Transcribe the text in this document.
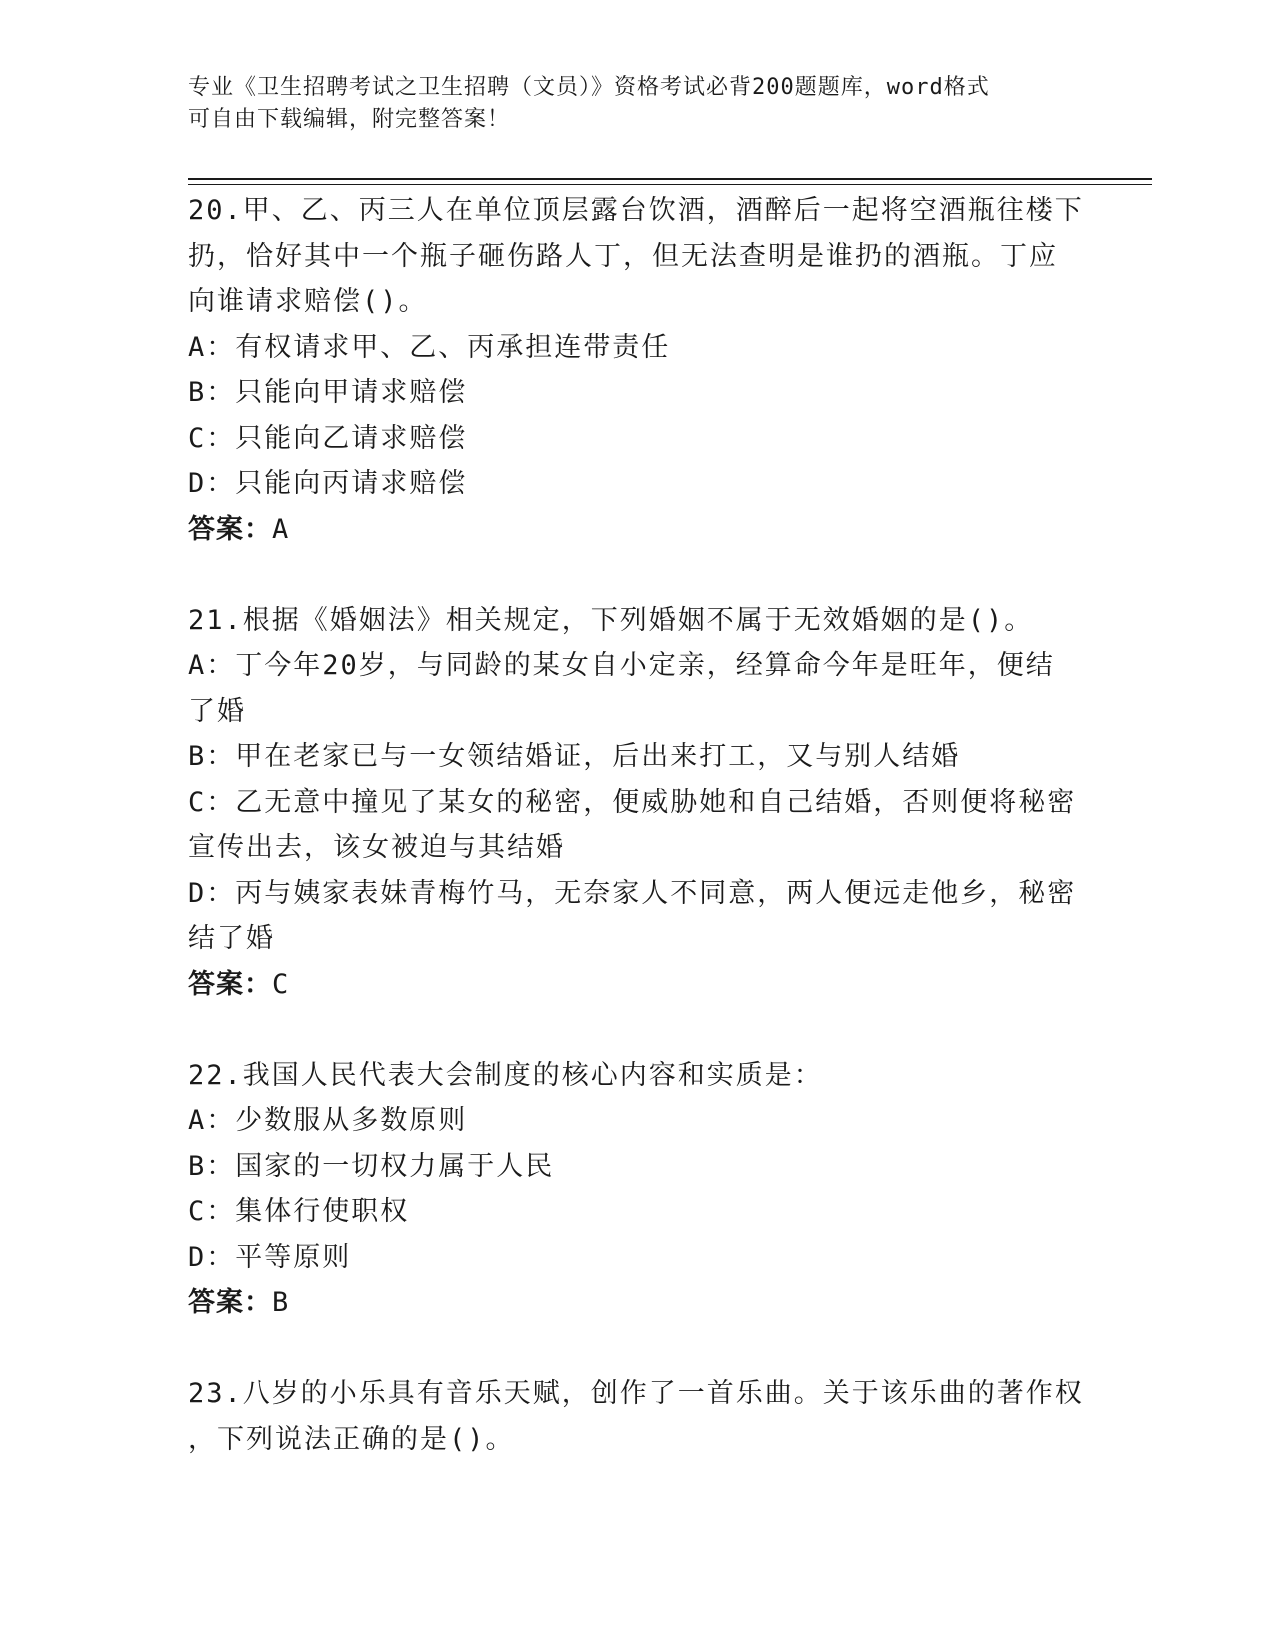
专业《卫生招聘考试之卫生招聘（文员）》资格考试必背200题题库，word格式
可自由下载编辑，附完整答案！
20.甲、乙、丙三人在单位顶层露台饮酒，酒醉后一起将空酒瓶往楼下
扔，恰好其中一个瓶子砸伤路人丁，但无法查明是谁扔的酒瓶。丁应
向谁请求赔偿()。
A：有权请求甲、乙、丙承担连带责任
B：只能向甲请求赔偿
C：只能向乙请求赔偿
D：只能向丙请求赔偿
答案：A
21.根据《婚姻法》相关规定，下列婚姻不属于无效婚姻的是()。
A：丁今年20岁，与同龄的某女自小定亲，经算命今年是旺年，便结
了婚
B：甲在老家已与一女领结婚证，后出来打工，又与别人结婚
C：乙无意中撞见了某女的秘密，便威胁她和自己结婚，否则便将秘密
宣传出去，该女被迫与其结婚
D：丙与姨家表妹青梅竹马，无奈家人不同意，两人便远走他乡，秘密
结了婚
答案：C
22.我国人民代表大会制度的核心内容和实质是：
A：少数服从多数原则
B：国家的一切权力属于人民
C：集体行使职权
D：平等原则
答案：B
23.八岁的小乐具有音乐天赋，创作了一首乐曲。关于该乐曲的著作权
，下列说法正确的是()。
